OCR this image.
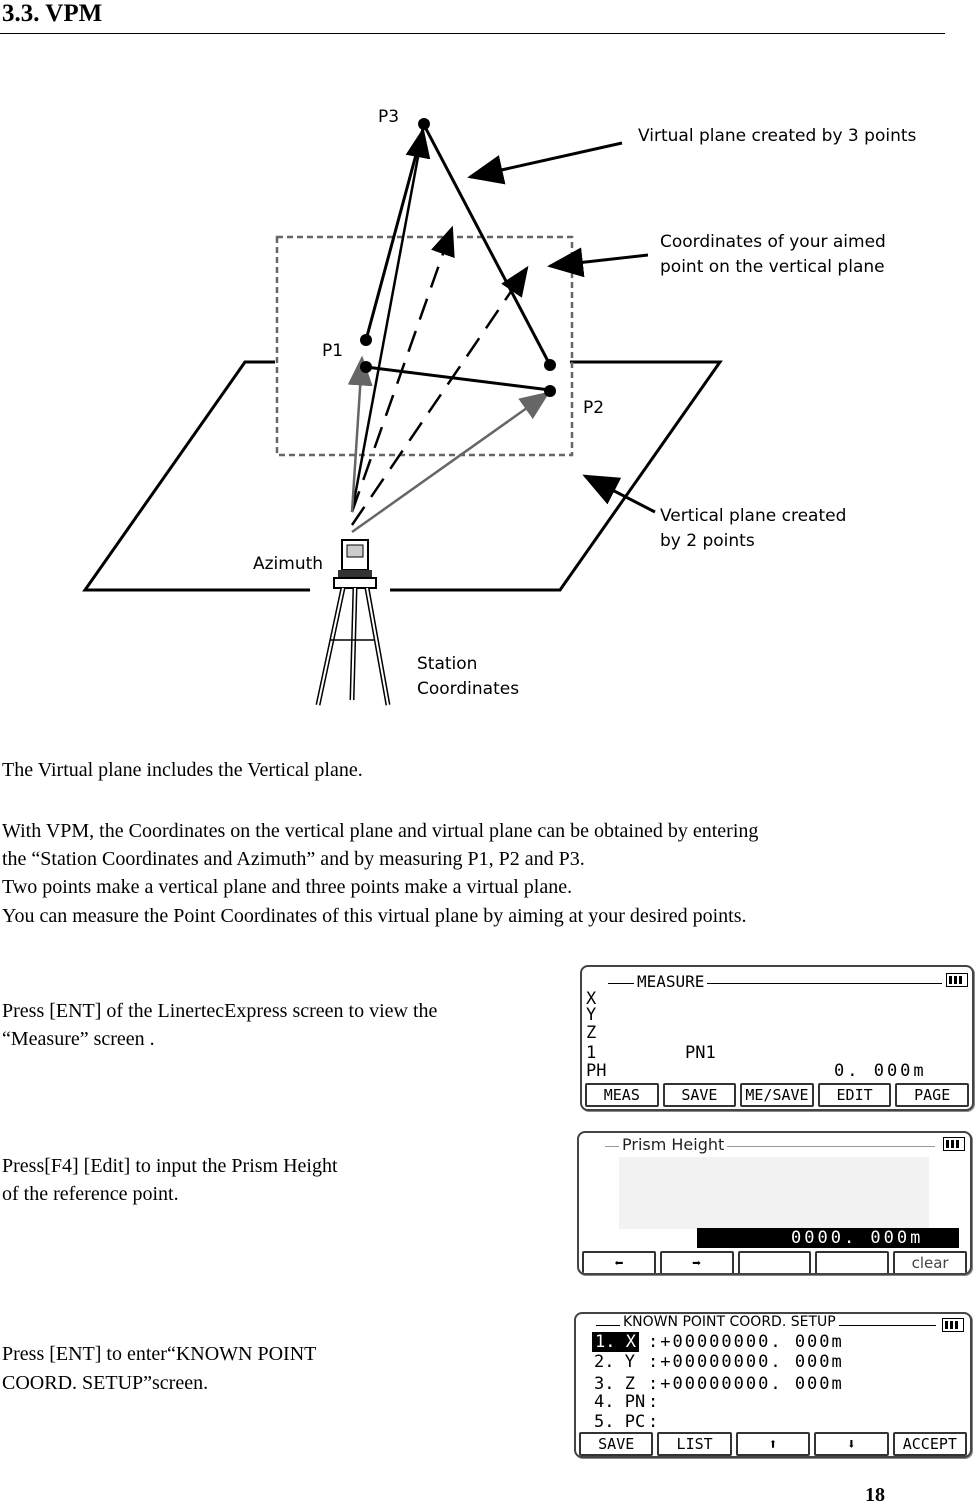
3.3. VPM
P3
P1
P2
Virtual plane created by 3 points
Coordinates of your aimed
point on the vertical plane
Vertical plane created
by 2 points
Azimuth
Station
Coordinates
The Virtual plane includes the Vertical plane.
With VPM, the Coordinates on the vertical plane and virtual plane can be obtained by entering
the “Station Coordinates and Azimuth” and by measuring P1, P2 and P3.
Two points make a vertical plane and three points make a virtual plane.
You can measure the Point Coordinates of this virtual plane by aiming at your desired points.
Press [ENT] of the LinertecExpress screen to view the
“Measure” screen .
Press[F4] [Edit] to input the Prism Height
of the reference point.
Press [ENT] to enter“KNOWN POINT
COORD. SETUP”screen.
MEASURE
X
Y
Z
1	PN1
PH	0. 000m
MEAS	SAVE	ME/SAVE	EDIT	PAGE
Prism Height
0000. 000m
⬅	➡	clear
KNOWN POINT COORD. SETUP
1. X :+00000000. 000m
2. Y :+00000000. 000m
3. Z :+00000000. 000m
4. PN :
5. PC :
SAVE	LIST	⬆	⬇	ACCEPT
18
